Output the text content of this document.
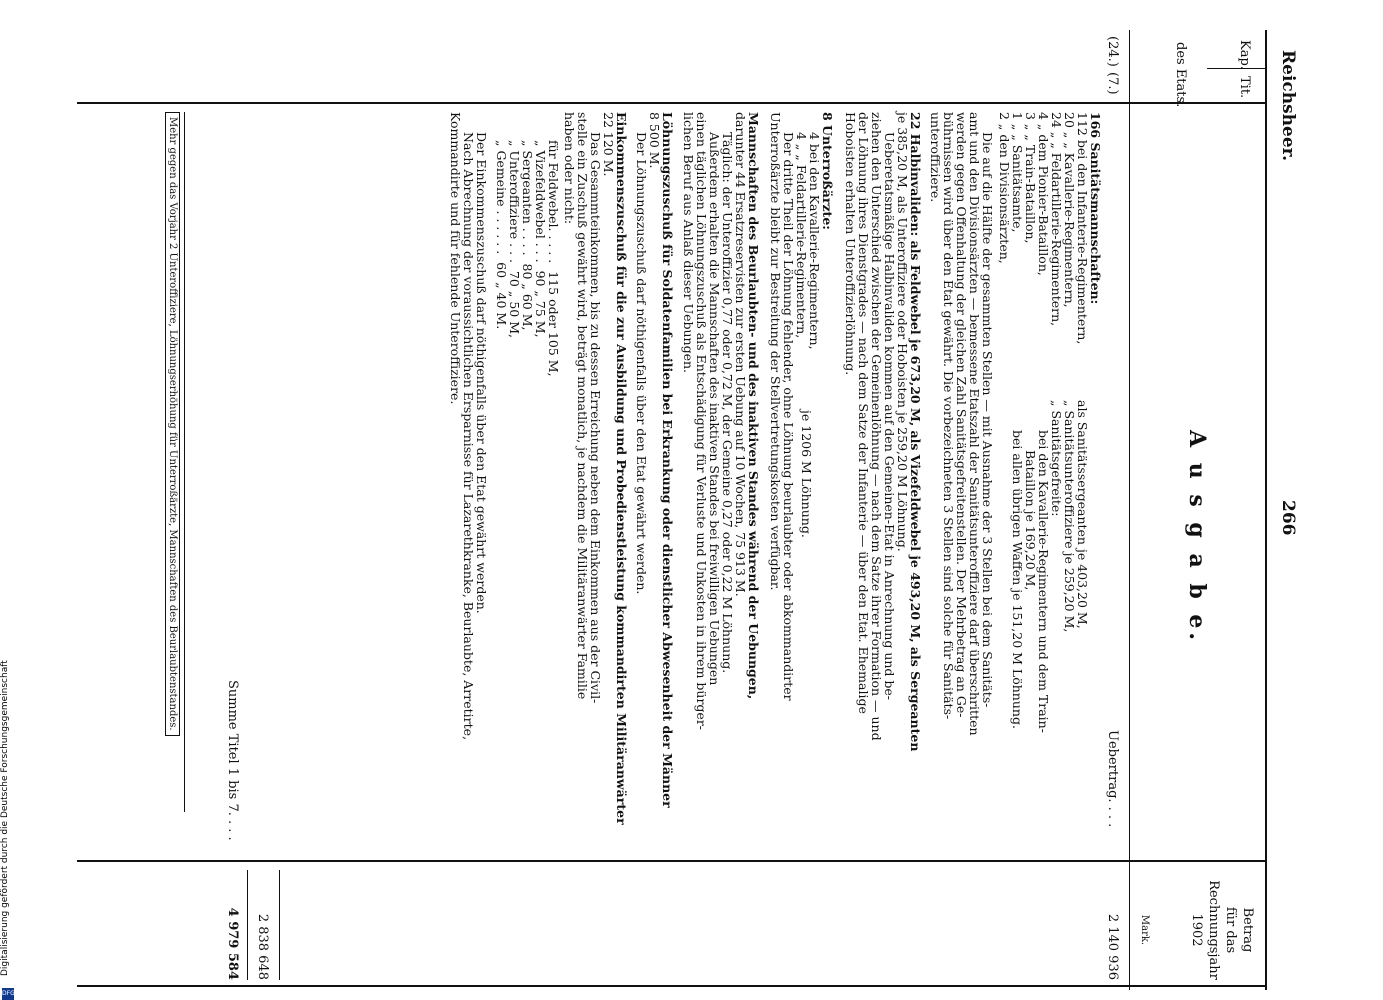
Reichsheer.
266
Kap.
Tit.
des Etats.
A u s g a b e.
Betrag
für das
Rechnungsjahr
1902
Mark.
(24.)
(7.)
Uebertrag. . . .
2 140 936
166 Sanitätsmannschaften:
112 bei den Infanterie-Regimentern,
20 „ „ Kavallerie-Regimentern,
24 „ „ Feldartillerie-Regimentern,
4 „ dem Pionier-Bataillon,
3 „ „ Train-Bataillon,
1 „ „ Sanitätsamte,
2 „ den Divisionsärzten,
als Sanitätssergeanten je 403,20 M,
„ Sanitätsunteroffiziere je 259,20 M,
„ Sanitätsgefreite:
bei den Kavallerie-Regimentern und dem Train-
Bataillon je 169,20 M,
bei allen übrigen Waffen je 151,20 M Löhnung.
Die auf die Hälfte der gesammten Stellen — mit Ausnahme der 3 Stellen bei dem Sanitäts-
amt und den Divisionsärzten — bemessene Etatszahl der Sanitätsunteroffiziere darf überschritten
werden gegen Offenhaltung der gleichen Zahl Sanitätsgefreitenstellen. Der Mehrbetrag an Ge-
bührnissen wird über den Etat gewährt. Die vorbezeichneten 3 Stellen sind solche für Sanitäts-
unteroffiziere.
22 Halbinvaliden: als Feldwebel je 673,20 M, als Vizefeldwebel je 493,20 M, als Sergeanten
je 385,20 M, als Unteroffiziere oder Hoboisten je 259,20 M Löhnung.
Ueberetatsmäßige Halbinvaliden kommen auf den Gemeinen-Etat in Anrechnung und be-
ziehen den Unterschied zwischen der Gemeinenlöhnung — nach dem Satze ihrer Formation — und
der Löhnung ihres Dienstgrades — nach dem Satze der Infanterie — über den Etat. Ehemalige
Hoboisten erhalten Unteroffizierlöhnung.
8 Unterroßärzte:
4 bei den Kavallerie-Regimentern,
4 „ „ Feldartillerie-Regimentern,
Der dritte Theil der Löhnung fehlender, ohne Löhnung beurlaubter oder abkommandirter
Unterroßärzte bleibt zur Bestreitung der Stellvertretungskosten verfügbar. je 1206 M Löhnung.
Mannschaften des Beurlaubten- und des inaktiven Standes während der Uebungen,
darunter 44 Ersatzreservisten zur ersten Uebung auf 10 Wochen, 75 913 M.
Täglich: der Unteroffizier 0,77 oder 0,72 M, der Gemeine 0,27 oder 0,22 M Löhnung.
Außerdem erhalten die Mannschaften des inaktiven Standes bei freiwilligen Uebungen
einen täglichen Löhnungszuschuß als Entschädigung für Verluste und Unkosten in ihrem bürger-
lichen Beruf aus Anlaß dieser Uebungen.
Löhnungszuschuß für Soldatenfamilien bei Erkrankung oder dienstlicher Abwesenheit der Männer
8 500 M.
Der Löhnungszuschuß darf nöthigenfalls über den Etat gewährt werden.
Einkommenszuschuß für die zur Ausbildung und Probedienstleistung kommandirten Militäranwärter
22 120 M.
Das Gesammteinkommen, bis zu dessen Erreichung neben dem Einkommen aus der Civil-
stelle ein Zuschuß gewährt wird, beträgt monatlich, je nachdem die Militäranwärter Familie
haben oder nicht:
für Feldwebel. . . . .  115 oder 105 M,
„ Vizefeldwebel . . .  90 „ 75 M,
„ Sergeanten . . . .  80 „ 60 M,
„ Unteroffiziere . . .  70 „ 50 M,
„ Gemeine . . . . . .  60 „ 40 M.
Der Einkommenszuschuß darf nöthigenfalls über den Etat gewährt werden.
Nach Abrechnung der voraussichtlichen Ersparnisse für Lazarethkranke, Beurlaubte, Arretirte,
Kommandirte und für fehlende Unteroffiziere.
2 838 648
Summe Titel 1 bis 7. . . .
4 979 584
Mehr gegen das Vorjahr 2 Unteroffiziere, Löhnungserhöhung für Unterroßärzte, Mannschaften des Beurlaubtenstandes.
Digitalisierung gefördert durch die Deutsche Forschungsgemeinschaft
DFG
